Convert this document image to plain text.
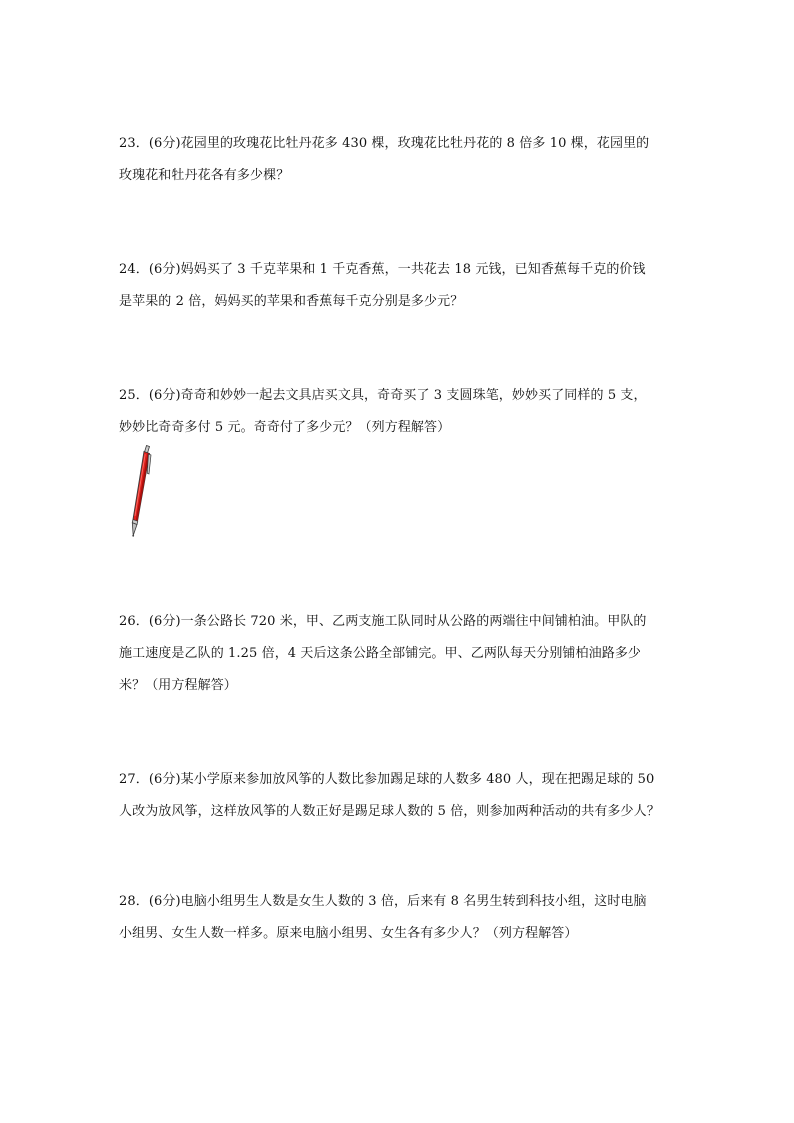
23．(6分)花园里的玫瑰花比牡丹花多 430 棵，玫瑰花比牡丹花的 8 倍多 10 棵，花园里的
玫瑰花和牡丹花各有多少棵？
24．(6分)妈妈买了 3 千克苹果和 1 千克香蕉，一共花去 18 元钱，已知香蕉每千克的价钱
是苹果的 2 倍，妈妈买的苹果和香蕉每千克分别是多少元？
25．(6分)奇奇和妙妙一起去文具店买文具，奇奇买了 3 支圆珠笔，妙妙买了同样的 5 支，
妙妙比奇奇多付 5 元。奇奇付了多少元？（列方程解答）
26．(6分)一条公路长 720 米，甲、乙两支施工队同时从公路的两端往中间铺柏油。甲队的
施工速度是乙队的 1.25 倍，4 天后这条公路全部铺完。甲、乙两队每天分别铺柏油路多少
米？（用方程解答）
27．(6分)某小学原来参加放风筝的人数比参加踢足球的人数多 480 人，现在把踢足球的 50
人改为放风筝，这样放风筝的人数正好是踢足球人数的 5 倍，则参加两种活动的共有多少人？
28．(6分)电脑小组男生人数是女生人数的 3 倍，后来有 8 名男生转到科技小组，这时电脑
小组男、女生人数一样多。原来电脑小组男、女生各有多少人？（列方程解答）
